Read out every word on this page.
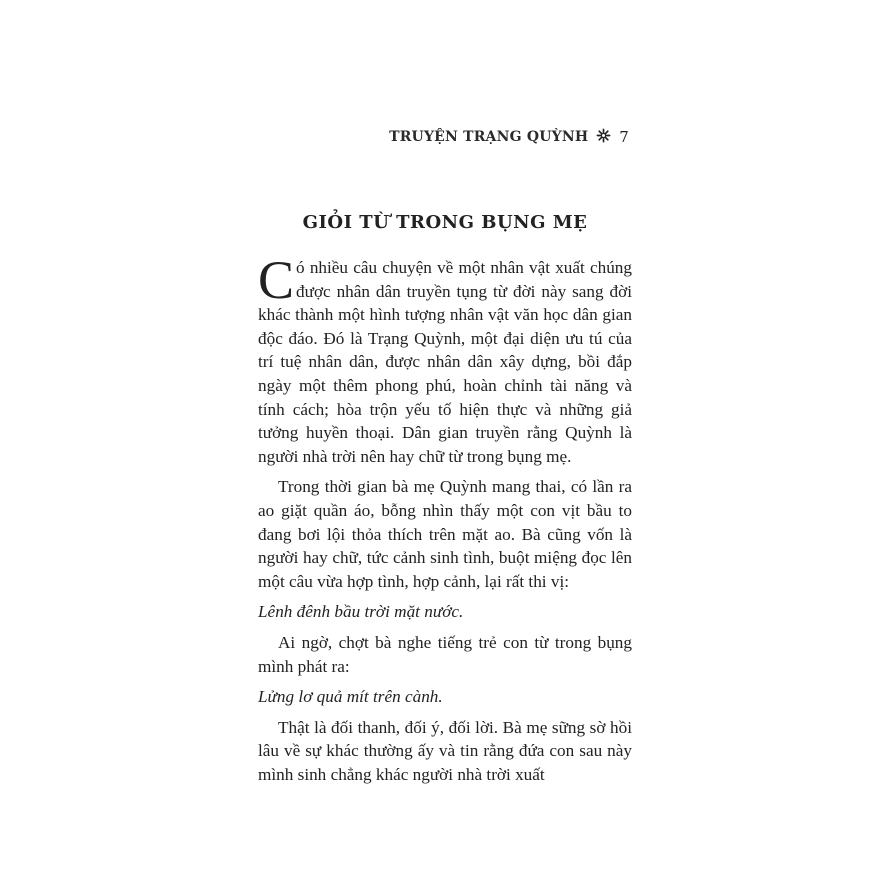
TRUYỆN TRẠNG QUỲNH 7
GIỎI TỪ TRONG BỤNG MẸ

Có nhiều câu chuyện về một nhân vật xuất chúng được nhân dân truyền tụng từ đời này sang đời khác thành một hình tượng nhân vật văn học dân gian độc đáo. Đó là Trạng Quỳnh, một đại diện ưu tú của trí tuệ nhân dân, được nhân dân xây dựng, bồi đắp ngày một thêm phong phú, hoàn chỉnh tài năng và tính cách; hòa trộn yếu tố hiện thực và những giả tưởng huyền thoại. Dân gian truyền rằng Quỳnh là người nhà trời nên hay chữ từ trong bụng mẹ.

Trong thời gian bà mẹ Quỳnh mang thai, có lần ra ao giặt quần áo, bỗng nhìn thấy một con vịt bầu to đang bơi lội thỏa thích trên mặt ao. Bà cũng vốn là người hay chữ, tức cảnh sinh tình, buột miệng đọc lên một câu vừa hợp tình, hợp cảnh, lại rất thi vị:

Lênh đênh bầu trời mặt nước.

Ai ngờ, chợt bà nghe tiếng trẻ con từ trong bụng mình phát ra:

Lửng lơ quả mít trên cành.

Thật là đối thanh, đối ý, đối lời. Bà mẹ sững sờ hồi lâu về sự khác thường ấy và tin rằng đứa con sau này mình sinh chẳng khác người nhà trời xuất
